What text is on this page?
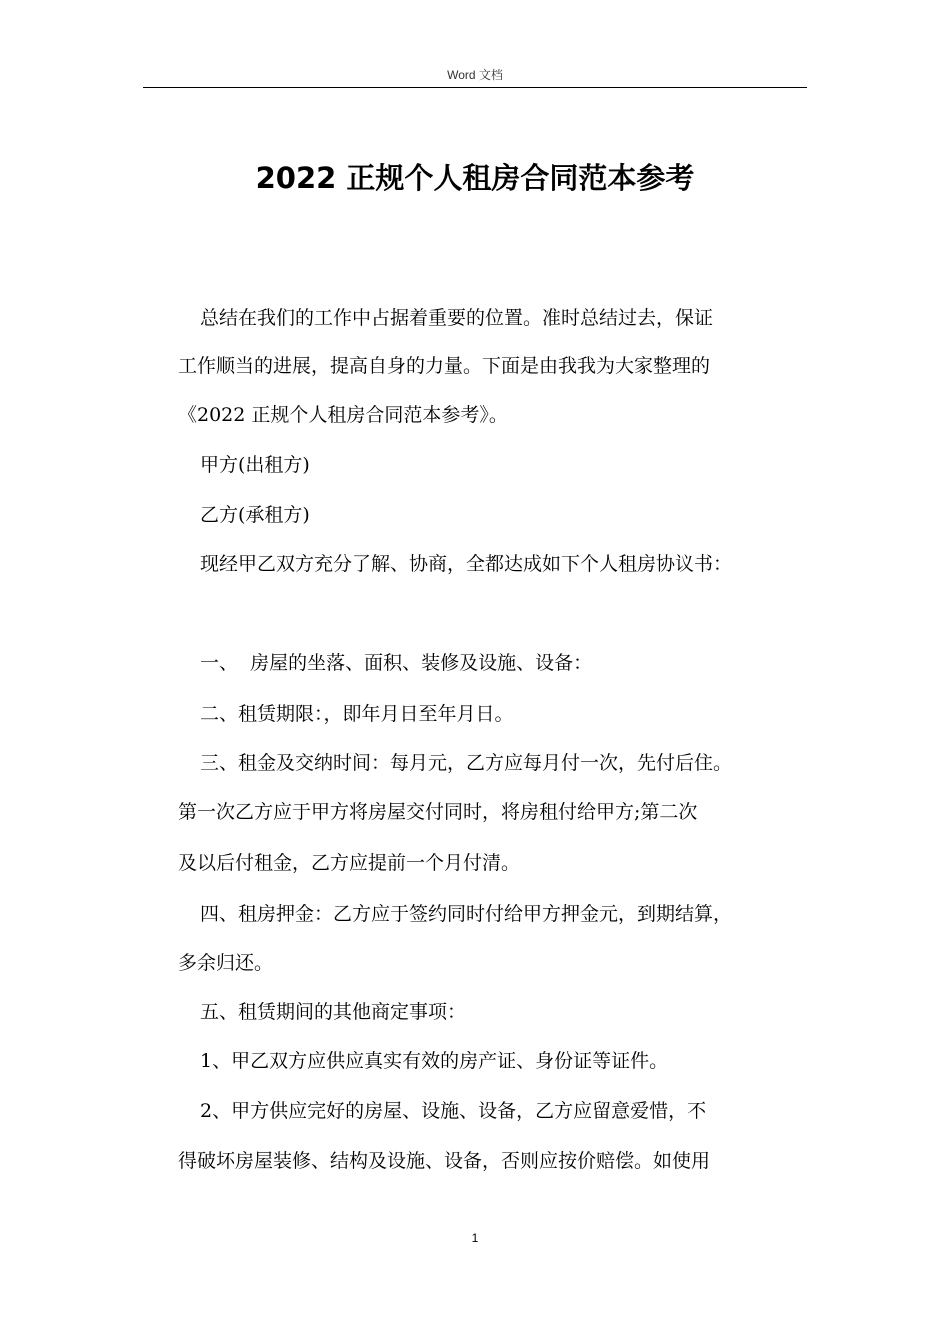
Word 文档
2022 正规个人租房合同范本参考

总结在我们的工作中占据着重要的位置。准时总结过去，保证

工作顺当的进展，提高自身的力量。下面是由我我为大家整理的

《2022 正规个人租房合同范本参考》。

甲方(出租方)

乙方(承租方)

现经甲乙双方充分了解、协商，全都达成如下个人租房协议书：

一、  房屋的坐落、面积、装修及设施、设备：

二、租赁期限：，即年月日至年月日。

三、租金及交纳时间：每月元，乙方应每月付一次，先付后住。

第一次乙方应于甲方将房屋交付同时，将房租付给甲方;第二次

及以后付租金，乙方应提前一个月付清。

四、租房押金：乙方应于签约同时付给甲方押金元，到期结算，

多余归还。

五、租赁期间的其他商定事项：

1、甲乙双方应供应真实有效的房产证、身份证等证件。

2、甲方供应完好的房屋、设施、设备，乙方应留意爱惜，不

得破坏房屋装修、结构及设施、设备，否则应按价赔偿。如使用

1
